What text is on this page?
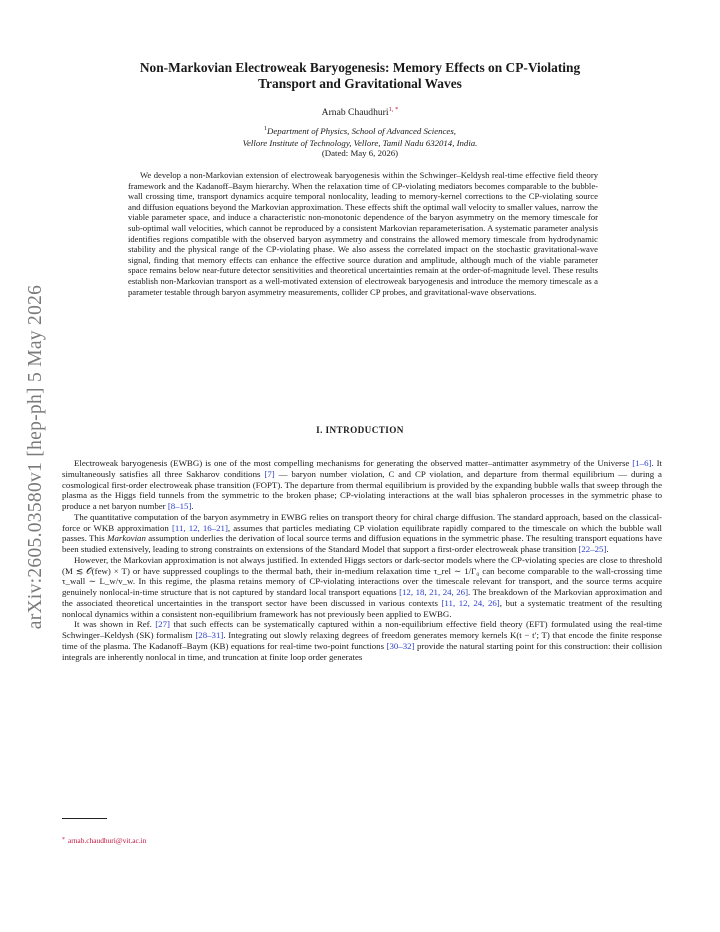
arXiv:2605.03580v1 [hep-ph] 5 May 2026
Non-Markovian Electroweak Baryogenesis: Memory Effects on CP-Violating
Transport and Gravitational Waves
Arnab Chaudhuri$^{1, *}$
$^1$Department of Physics, School of Advanced Sciences,
Vellore Institute of Technology, Vellore, Tamil Nadu 632014, India.
(Dated: May 6, 2026)

We develop a non-Markovian extension of electroweak baryogenesis within the Schwinger–Keldysh real-time effective field theory framework and the Kadanoff–Baym hierarchy. When the relaxation time of CP-violating mediators becomes comparable to the bubble-wall crossing time, transport dynamics acquire temporal nonlocality, leading to memory-kernel corrections to the CP-violating source and diffusion equations beyond the Markovian approximation. These effects shift the optimal wall velocity to smaller values, narrow the viable parameter space, and induce a characteristic non-monotonic dependence of the baryon asymmetry on the memory timescale for sub-optimal wall velocities, which cannot be reproduced by a consistent Markovian reparameterisation. A systematic parameter analysis identifies regions compatible with the observed baryon asymmetry and constrains the allowed memory timescale from hydrodynamic stability and the physical range of the CP-violating phase. We also assess the correlated impact on the stochastic gravitational-wave signal, finding that memory effects can enhance the effective source duration and amplitude, although much of the viable parameter space remains below near-future detector sensitivities and theoretical uncertainties remain at the order-of-magnitude level. These results establish non-Markovian transport as a well-motivated extension of electroweak baryogenesis and introduce the memory timescale as a parameter testable through baryon asymmetry measurements, collider CP probes, and gravitational-wave observations.

I. INTRODUCTION

Electroweak baryogenesis (EWBG) is one of the most compelling mechanisms for generating the observed matter–antimatter asymmetry of the Universe [1–6]. It simultaneously satisfies all three Sakharov conditions [7] — baryon number violation, C and CP violation, and departure from thermal equilibrium — during a cosmological first-order electroweak phase transition (FOPT). The departure from thermal equilibrium is provided by the expanding bubble walls that sweep through the plasma as the Higgs field tunnels from the symmetric to the broken phase; CP-violating interactions at the wall bias sphaleron processes in the symmetric phase to produce a net baryon number [8–15].

The quantitative computation of the baryon asymmetry in EWBG relies on transport theory for chiral charge diffusion. The standard approach, based on the classical-force or WKB approximation [11, 12, 16–21], assumes that particles mediating CP violation equilibrate rapidly compared to the timescale on which the bubble wall passes. This Markovian assumption underlies the derivation of local source terms and diffusion equations in the symmetric phase. The resulting transport equations have been studied extensively, leading to strong constraints on extensions of the Standard Model that support a first-order electroweak phase transition [22–25].

However, the Markovian approximation is not always justified. In extended Higgs sectors or dark-sector models where the CP-violating species are close to threshold (M ≲ 𝒪(few) × T) or have suppressed couplings to the thermal bath, their in-medium relaxation time τ_rel ∼ 1/Γ₀ can become comparable to the wall-crossing time τ_wall ∼ L_w/v_w. In this regime, the plasma retains memory of CP-violating interactions over the timescale relevant for transport, and the source terms acquire genuinely nonlocal-in-time structure that is not captured by standard local transport equations [12, 18, 21, 24, 26]. The breakdown of the Markovian approximation and the associated theoretical uncertainties in the transport sector have been discussed in various contexts [11, 12, 24, 26], but a systematic treatment of the resulting nonlocal dynamics within a consistent non-equilibrium framework has not previously been applied to EWBG.

It was shown in Ref. [27] that such effects can be systematically captured within a non-equilibrium effective field theory (EFT) formulated using the real-time Schwinger–Keldysh (SK) formalism [28–31]. Integrating out slowly relaxing degrees of freedom generates memory kernels K(t − t′; T) that encode the finite response time of the plasma. The Kadanoff–Baym (KB) equations for real-time two-point functions [30–32] provide the natural starting point for this construction: their collision integrals are inherently nonlocal in time, and truncation at finite loop order generates

* arnab.chaudhuri@vit.ac.in
